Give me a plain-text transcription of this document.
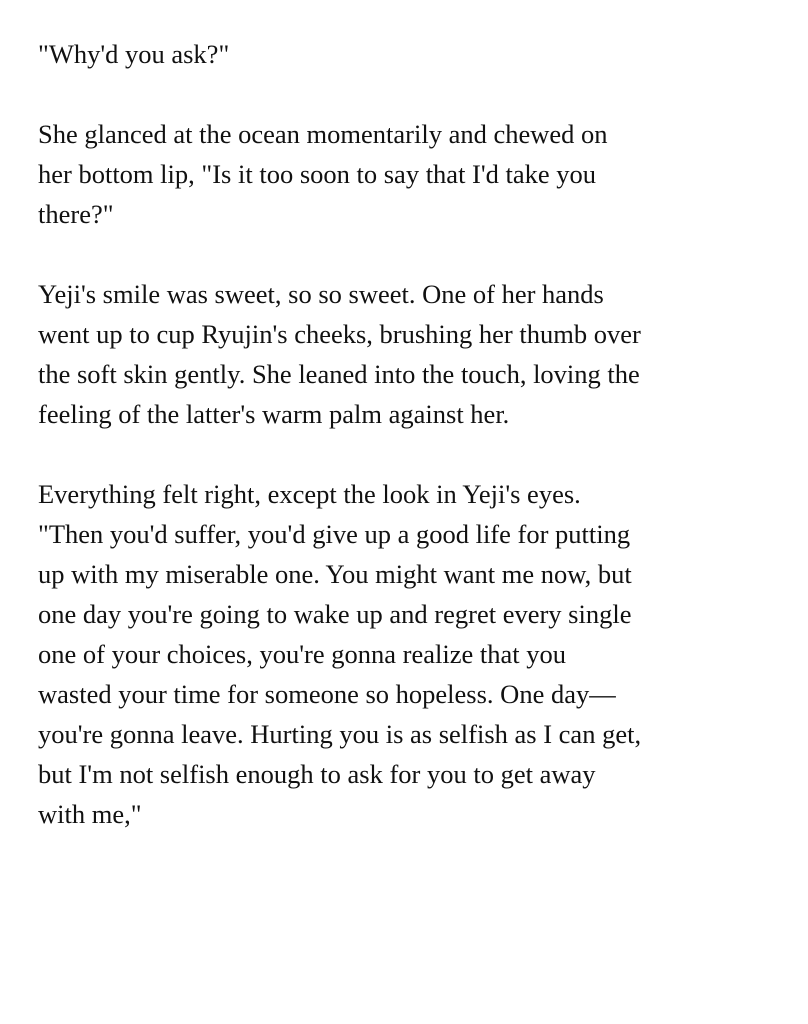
"Why'd you ask?"

She glanced at the ocean momentarily and chewed on
her bottom lip, "Is it too soon to say that I'd take you
there?"

Yeji's smile was sweet, so so sweet. One of her hands
went up to cup Ryujin's cheeks, brushing her thumb over
the soft skin gently. She leaned into the touch, loving the
feeling of the latter's warm palm against her.

Everything felt right, except the look in Yeji's eyes.
"Then you'd suffer, you'd give up a good life for putting
up with my miserable one. You might want me now, but
one day you're going to wake up and regret every single
one of your choices, you're gonna realize that you
wasted your time for someone so hopeless. One day—
you're gonna leave. Hurting you is as selfish as I can get,
but I'm not selfish enough to ask for you to get away
with me,"
